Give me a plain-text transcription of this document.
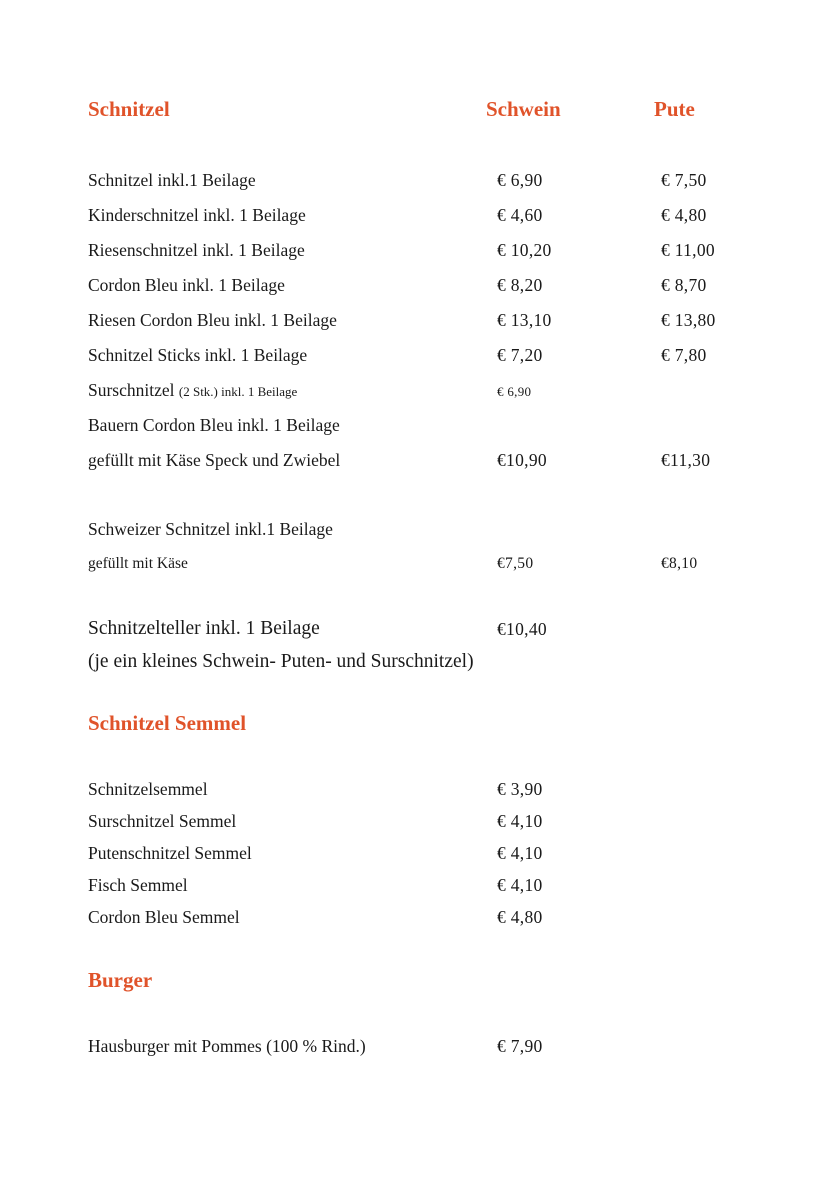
Schnitzel	Schwein	Pute
Schnitzel inkl.1 Beilage	€ 6,90	€ 7,50
Kinderschnitzel inkl. 1 Beilage	€ 4,60	€ 4,80
Riesenschnitzel inkl. 1 Beilage	€ 10,20	€ 11,00
Cordon Bleu inkl. 1 Beilage	€ 8,20	€ 8,70
Riesen Cordon Bleu inkl. 1 Beilage	€ 13,10	€ 13,80
Schnitzel Sticks inkl. 1 Beilage	€ 7,20	€ 7,80
Surschnitzel (2 Stk.) inkl. 1 Beilage	€ 6,90
Bauern Cordon Bleu inkl. 1 Beilage
gefüllt mit Käse Speck und Zwiebel	€10,90	€11,30
Schweizer Schnitzel inkl.1 Beilage
gefüllt mit Käse	€7,50	€8,10
Schnitzelteller inkl. 1 Beilage	€10,40
(je ein kleines Schwein- Puten- und Surschnitzel)
Schnitzel Semmel
Schnitzelsemmel	€ 3,90
Surschnitzel Semmel	€ 4,10
Putenschnitzel Semmel	€ 4,10
Fisch Semmel	€ 4,10
Cordon Bleu Semmel	€ 4,80
Burger
Hausburger mit Pommes (100 % Rind.)	€ 7,90
